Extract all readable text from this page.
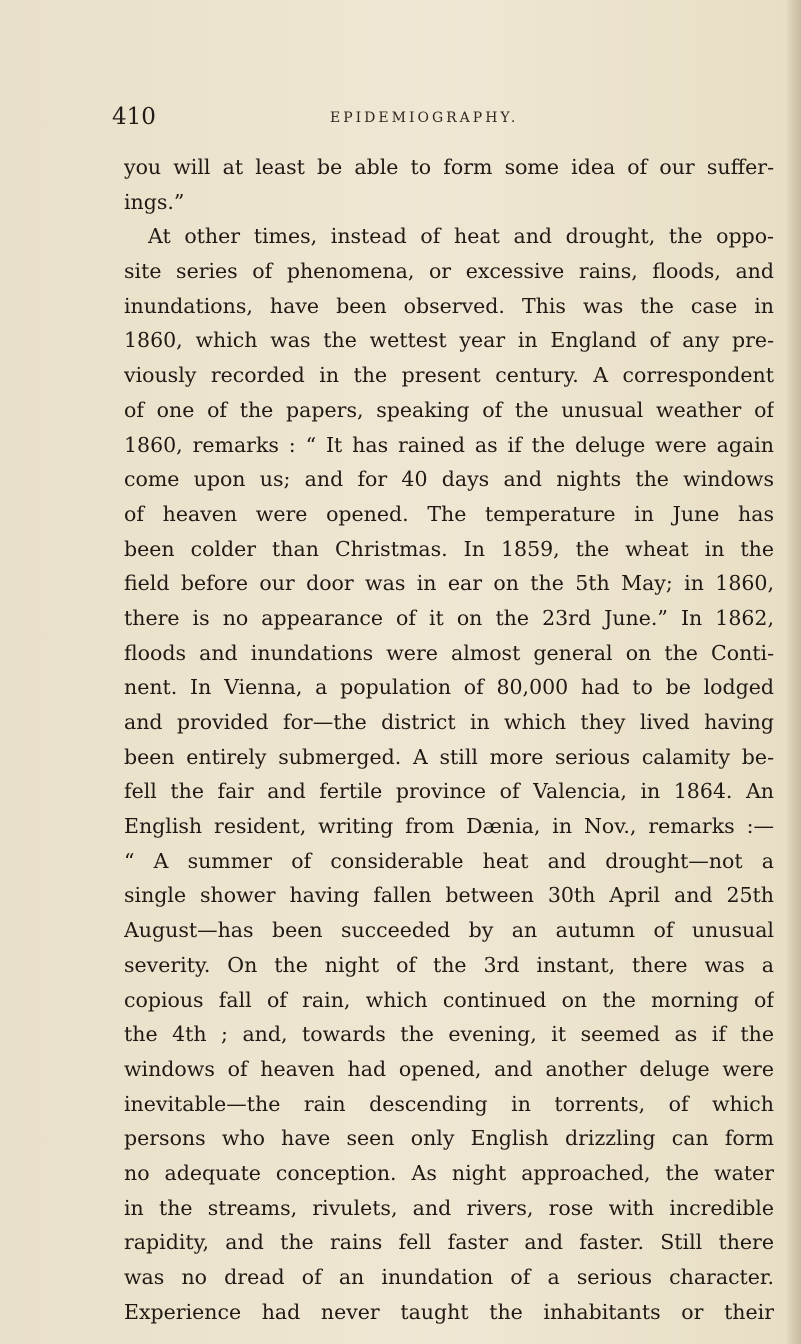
410	EPIDEMIOGRAPHY.
you will at least be able to form some idea of our suffer-
ings.”
At other times, instead of heat and drought, the oppo-
site series of phenomena, or excessive rains, floods, and
inundations, have been observed. This was the case in
1860, which was the wettest year in England of any pre-
viously recorded in the present century. A correspondent
of one of the papers, speaking of the unusual weather of
1860, remarks : “ It has rained as if the deluge were again
come upon us; and for 40 days and nights the windows
of heaven were opened. The temperature in June has
been colder than Christmas. In 1859, the wheat in the
field before our door was in ear on the 5th May; in 1860,
there is no appearance of it on the 23rd June.” In 1862,
floods and inundations were almost general on the Conti-
nent. In Vienna, a population of 80,000 had to be lodged
and provided for—the district in which they lived having
been entirely submerged. A still more serious calamity be-
fell the fair and fertile province of Valencia, in 1864. An
English resident, writing from Dænia, in Nov., remarks :—
“ A summer of considerable heat and drought—not a
single shower having fallen between 30th April and 25th
August—has been succeeded by an autumn of unusual
severity. On the night of the 3rd instant, there was a
copious fall of rain, which continued on the morning of
the 4th ; and, towards the evening, it seemed as if the
windows of heaven had opened, and another deluge were
inevitable—the rain descending in torrents, of which
persons who have seen only English drizzling can form
no adequate conception. As night approached, the water
in the streams, rivulets, and rivers, rose with incredible
rapidity, and the rains fell faster and faster. Still there
was no dread of an inundation of a serious character.
Experience had never taught the inhabitants or their
